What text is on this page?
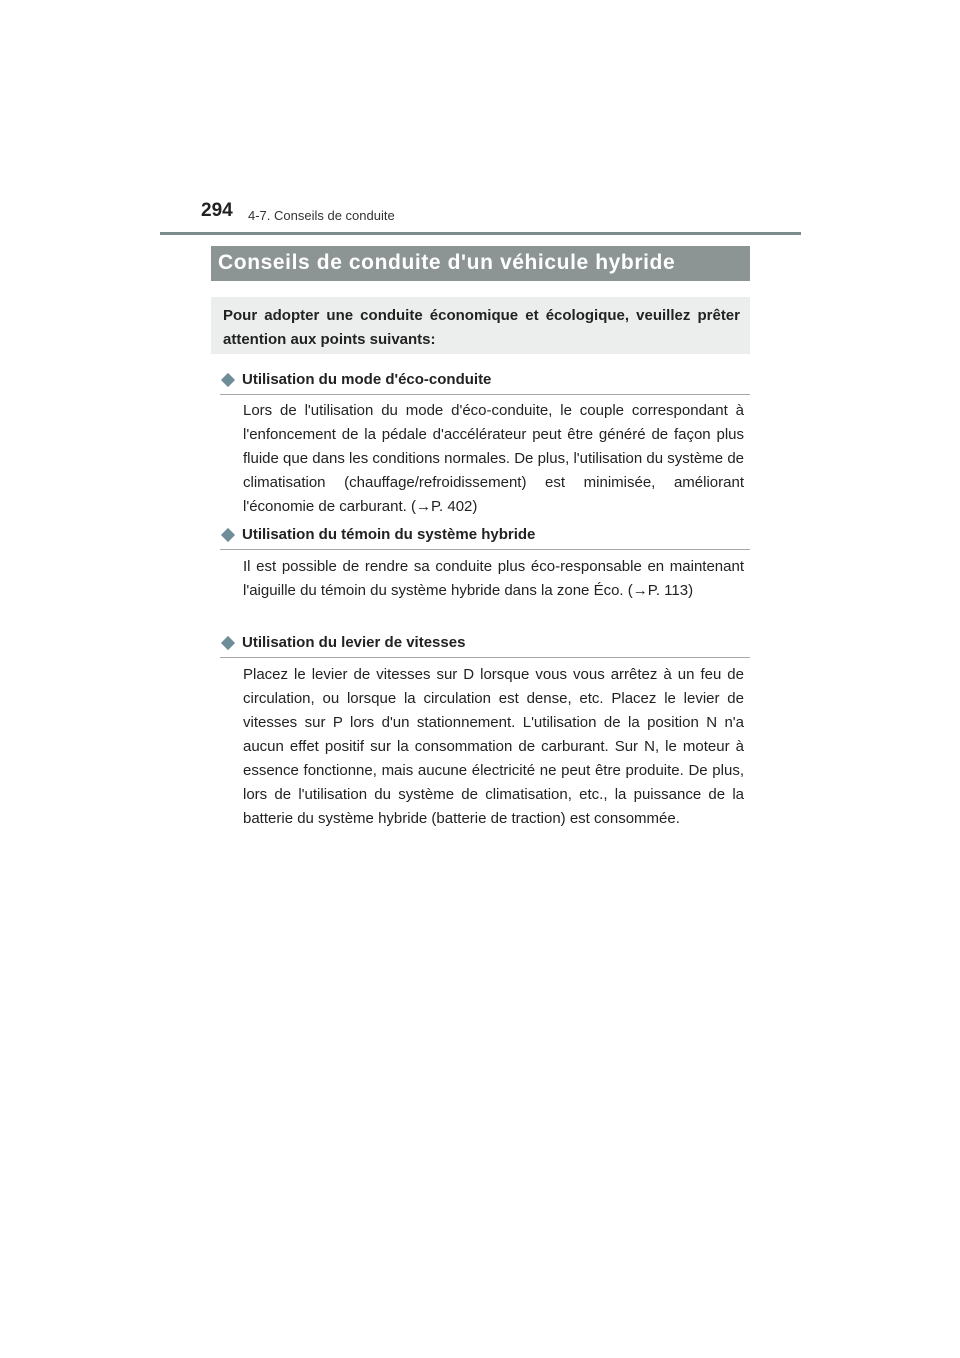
294 4-7. Conseils de conduite
Conseils de conduite d'un véhicule hybride
Pour adopter une conduite économique et écologique, veuillez prêter attention aux points suivants:
Utilisation du mode d'éco-conduite
Lors de l'utilisation du mode d'éco-conduite, le couple correspondant à l'enfoncement de la pédale d'accélérateur peut être généré de façon plus fluide que dans les conditions normales. De plus, l'utilisation du système de climatisation (chauffage/refroidissement) est minimisée, améliorant l'économie de carburant. (→P. 402)
Utilisation du témoin du système hybride
Il est possible de rendre sa conduite plus éco-responsable en maintenant l'aiguille du témoin du système hybride dans la zone Éco. (→P. 113)
Utilisation du levier de vitesses
Placez le levier de vitesses sur D lorsque vous vous arrêtez à un feu de circulation, ou lorsque la circulation est dense, etc. Placez le levier de vitesses sur P lors d'un stationnement. L'utilisation de la position N n'a aucun effet positif sur la consommation de carburant. Sur N, le moteur à essence fonctionne, mais aucune électricité ne peut être produite. De plus, lors de l'utilisation du système de climatisation, etc., la puissance de la batterie du système hybride (batterie de traction) est consommée.
